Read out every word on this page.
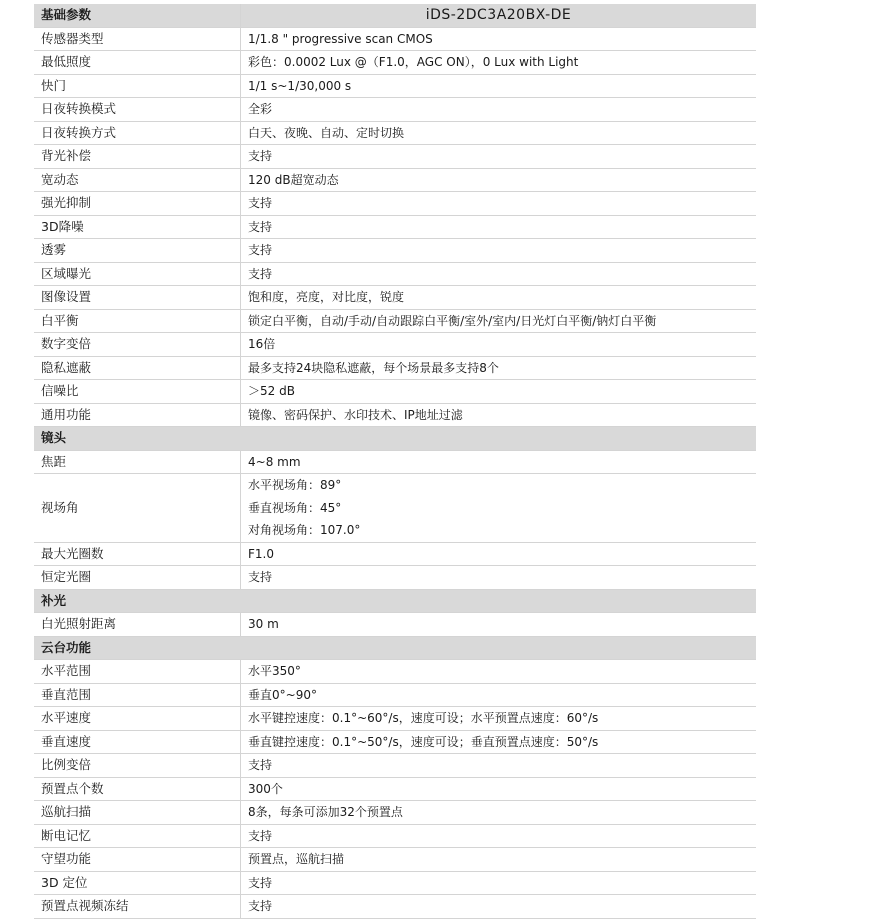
基础参数	iDS-2DC3A20BX-DE
传感器类型	1/1.8 " progressive scan CMOS
最低照度	彩色：0.0002 Lux @（F1.0，AGC ON），0 Lux with Light
快门	1/1 s~1/30,000 s
日夜转换模式	全彩
日夜转换方式	白天、夜晚、自动、定时切换
背光补偿	支持
宽动态	120 dB超宽动态
强光抑制	支持
3D降噪	支持
透雾	支持
区域曝光	支持
图像设置	饱和度，亮度，对比度，锐度
白平衡	锁定白平衡，自动/手动/自动跟踪白平衡/室外/室内/日光灯白平衡/钠灯白平衡
数字变倍	16倍
隐私遮蔽	最多支持24块隐私遮蔽，每个场景最多支持8个
信噪比	＞52 dB
通用功能	镜像、密码保护、水印技术、IP地址过滤
镜头	
焦距	4~8 mm
视场角	水平视场角：89°
垂直视场角：45°
对角视场角：107.0°

最大光圈数	F1.0
恒定光圈	支持
补光	
白光照射距离	30 m
云台功能	
水平范围	水平350°
垂直范围	垂直0°~90°
水平速度	水平键控速度：0.1°~60°/s，速度可设；水平预置点速度：60°/s
垂直速度	垂直键控速度：0.1°~50°/s，速度可设；垂直预置点速度：50°/s
比例变倍	支持
预置点个数	300个
巡航扫描	8条，每条可添加32个预置点
断电记忆	支持
守望功能	预置点，巡航扫描
3D 定位	支持
预置点视频冻结	支持
